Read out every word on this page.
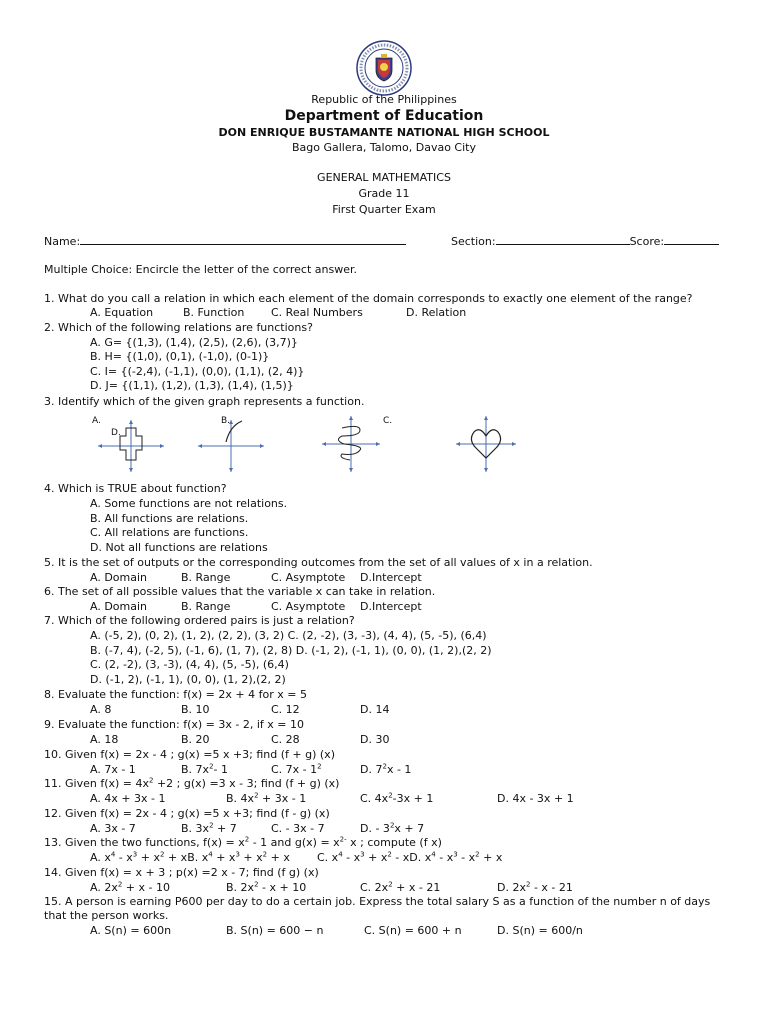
Republic of the Philippines
Department of Education
DON ENRIQUE BUSTAMANTE NATIONAL HIGH SCHOOL
Bago Gallera, Talomo, Davao City
GENERAL MATHEMATICS
Grade 11
First Quarter Exam
Name:	Section:	Score:
Multiple Choice: Encircle the letter of the correct answer.
1. What do you call a relation in which each element of the domain corresponds to exactly one element of the range?
A. Equation	B. Function C. Real Numbers	D. Relation
2. Which of the following relations are functions?
A. G= {(1,3), (1,4), (2,5), (2,6), (3,7)}
B. H= {(1,0), (0,1), (-1,0), (0-1)}
C. I= {(-2,4), (-1,1), (0,0), (1,1), (2, 4)}
D. J= {(1,1), (1,2), (1,3), (1,4), (1,5)}
3. Identify which of the given graph represents a function.
A.
D.
B.	C.
4. Which is TRUE about function?
A. Some functions are not relations.
B. All functions are relations.
C. All relations are functions.
D. Not all functions are relations
5. It is the set of outputs or the corresponding outcomes from the set of all values of x in a relation.
A. Domain	B. Range	C. Asymptote D.Intercept
6. The set of all possible values that the variable x can take in relation.
A. Domain	B. Range	C. Asymptote D.Intercept
7. Which of the following ordered pairs is just a relation?
A. (-5, 2), (0, 2), (1, 2), (2, 2), (3, 2) C. (2, -2), (3, -3), (4, 4), (5, -5), (6,4)
B. (-7, 4), (-2, 5), (-1, 6), (1, 7), (2, 8) D. (-1, 2), (-1, 1), (0, 0), (1, 2),(2, 2)
C. (2, -2), (3, -3), (4, 4), (5, -5), (6,4)
D. (-1, 2), (-1, 1), (0, 0), (1, 2),(2, 2)
8. Evaluate the function: f(x) = 2x + 4 for x = 5
A. 8	B. 10	C. 12	D. 14
9. Evaluate the function: f(x) = 3x - 2, if x = 10
A. 18	B. 20	C. 28	D. 30
10. Given f(x) = 2x - 4 ; g(x) =5 x +3; find (f + g) (x)
A. 7x - 1	B. $7x^2-$ 1	C. $7x - 1^2$	D. $7^2x - 1$
11. Given $f(x) = 4x^2 +2$ ; g(x) =3 x - 3; find (f + g) (x)
A. 4x + 3x - 1	B. $4x^2 + 3x - 1$	C. $4x^2-3x + 1$	D. 4x - 3x + 1
12. Given f(x) = 2x - 4 ; g(x) =5 x +3; find (f - g) (x)
A. 3x - 7	B. $3x^2 + 7$	C. - 3x - 7	D. - $3^2x + 7$
13. Given the two functions, $f(x) = x^2 - 1$ and $g(x) = x^{2-}$ x ; compute (f x)
A. $x^4 - x^3 + x^2$ + xB. $x^4 + x^3 + x^2 + x$ C. $x^4 - x^3 + x^2$ - xD. $x^4 - x^3 - x^2 + x$
14. Given f(x) = x + 3 ; p(x) =2 x - 7; find (f g) (x)
A. $2x^2 + x - 10$	B. $2x^2 - x + 10$	C. $2x^2 + x - 21$	D. $2x^2$ - x - 21
15. A person is earning P600 per day to do a certain job. Express the total salary S as a function of the number n of days
that the person works.
A. S(n) = 600n	B. S(n) = 600 − n	C. S(n) = 600 + n	D. S(n) = 600/n
